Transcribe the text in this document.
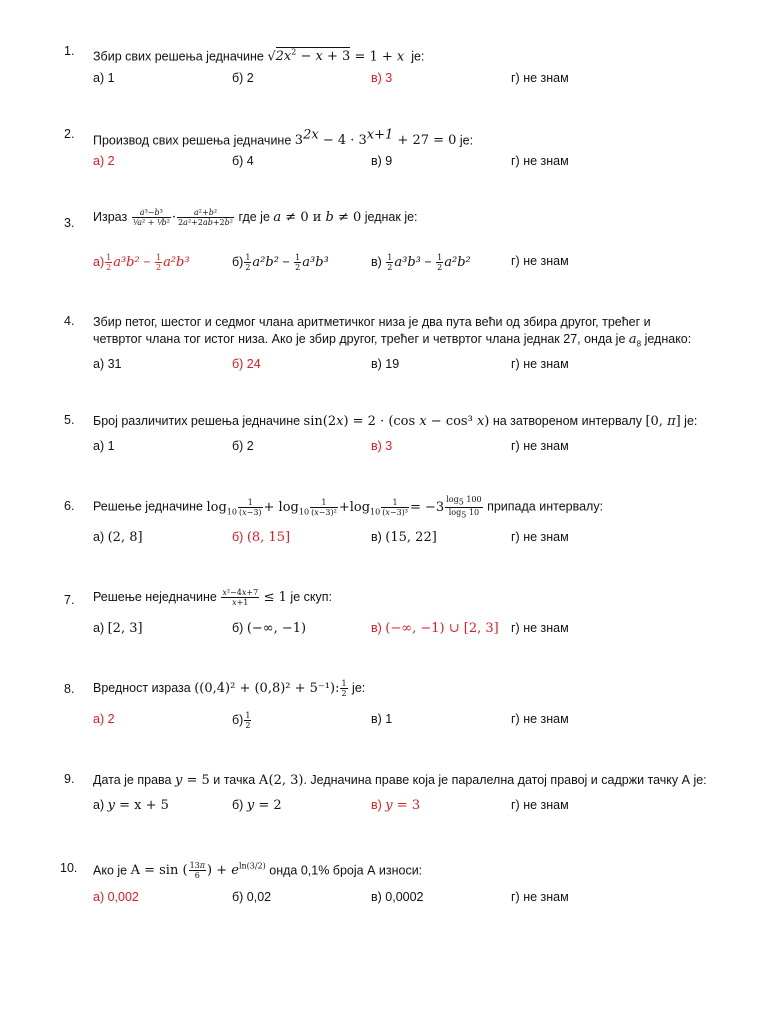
1. Збир свих решења једначине $√2x^2 - x + 3 = 1 + x$ је:
а) 1	б) 2	в) 3	г) не знам
2. Производ свих решења једначине $3^{2x} - 4 \cdot 3^{x+1} + 27 = 0$ је:
а) 2	б) 4	в) 9	г) не знам
3. Израз $\frac{\text{a³−b³}}{\text{¹⁄a² + ¹⁄b²}} \cdot \frac{\text{a²+b²}}{\text{2a²+2ab+2b²}}$ где је a ≠ 0 и b ≠ 0 једнак је:
$а) \frac{1}{2} a^3b^2 - \frac{1}{2} a^2b^3$	$б) \frac{1}{2} a^2b^2 - \frac{1}{2} a^3b^3$	$в) \frac{1}{2} a^3b^3 - \frac{1}{2} a^2b^2$	г) не знам
4. Збир петог, шестог и седмог члана аритметичког низа је два пута већи од збира другог, трећег и
четвртог члана тог истог низа. Ако је збир другог, трећег и четвртог члана једнак 27, онда је $a_8$ једнако:
а) 31	б) 24	в) 19	г) не знам
5. Број различитих решења једначине sin(2x) = 2 · (cos x − cos³ x) на затвореном интервалу [0, π] је:
а) 1	б) 2	в) 3	г) не знам
6. Решење једначине $\log_{10} \frac{1}{(x-3)} + \log_{10} \frac{1}{\text{(x−3)²}} +\log_{10} \frac{1}{\text{(x−3)³}} = -3 \frac{\log_5 100}{\log_5 10}$ припада интервалу:
а) (2, 8]	б) (8, 15]	в) (15, 22]	г) не знам
7. Решење неједначине $\frac{\text{x²−4x+7}}{x+1} \le 1$ је скуп:
а) [2, 3]	б) (−∞, −1)	в) (−∞, −1) ∪ [2, 3] г) не знам
8. Вредност израза ((0,4)² + (0,8)² + 5⁻¹): $\frac{1}{2}$ је:
а) 2	$б) \frac{1}{2}$	в) 1	г) не знам
9. Дата је права y = 5 и тачка А(2, 3). Једначина праве која је паралелна датој правој и садржи тачку А је:
а) y = x + 5	б) y = 2	в) y = 3	г) не знам
10. Ако је A = sin ( $\frac{13\pi}{6}$ ) + $e^{ln(3/2)}$ онда 0,1% броја А износи:
а) 0,002	б) 0,02	в) 0,0002	г) не знам
